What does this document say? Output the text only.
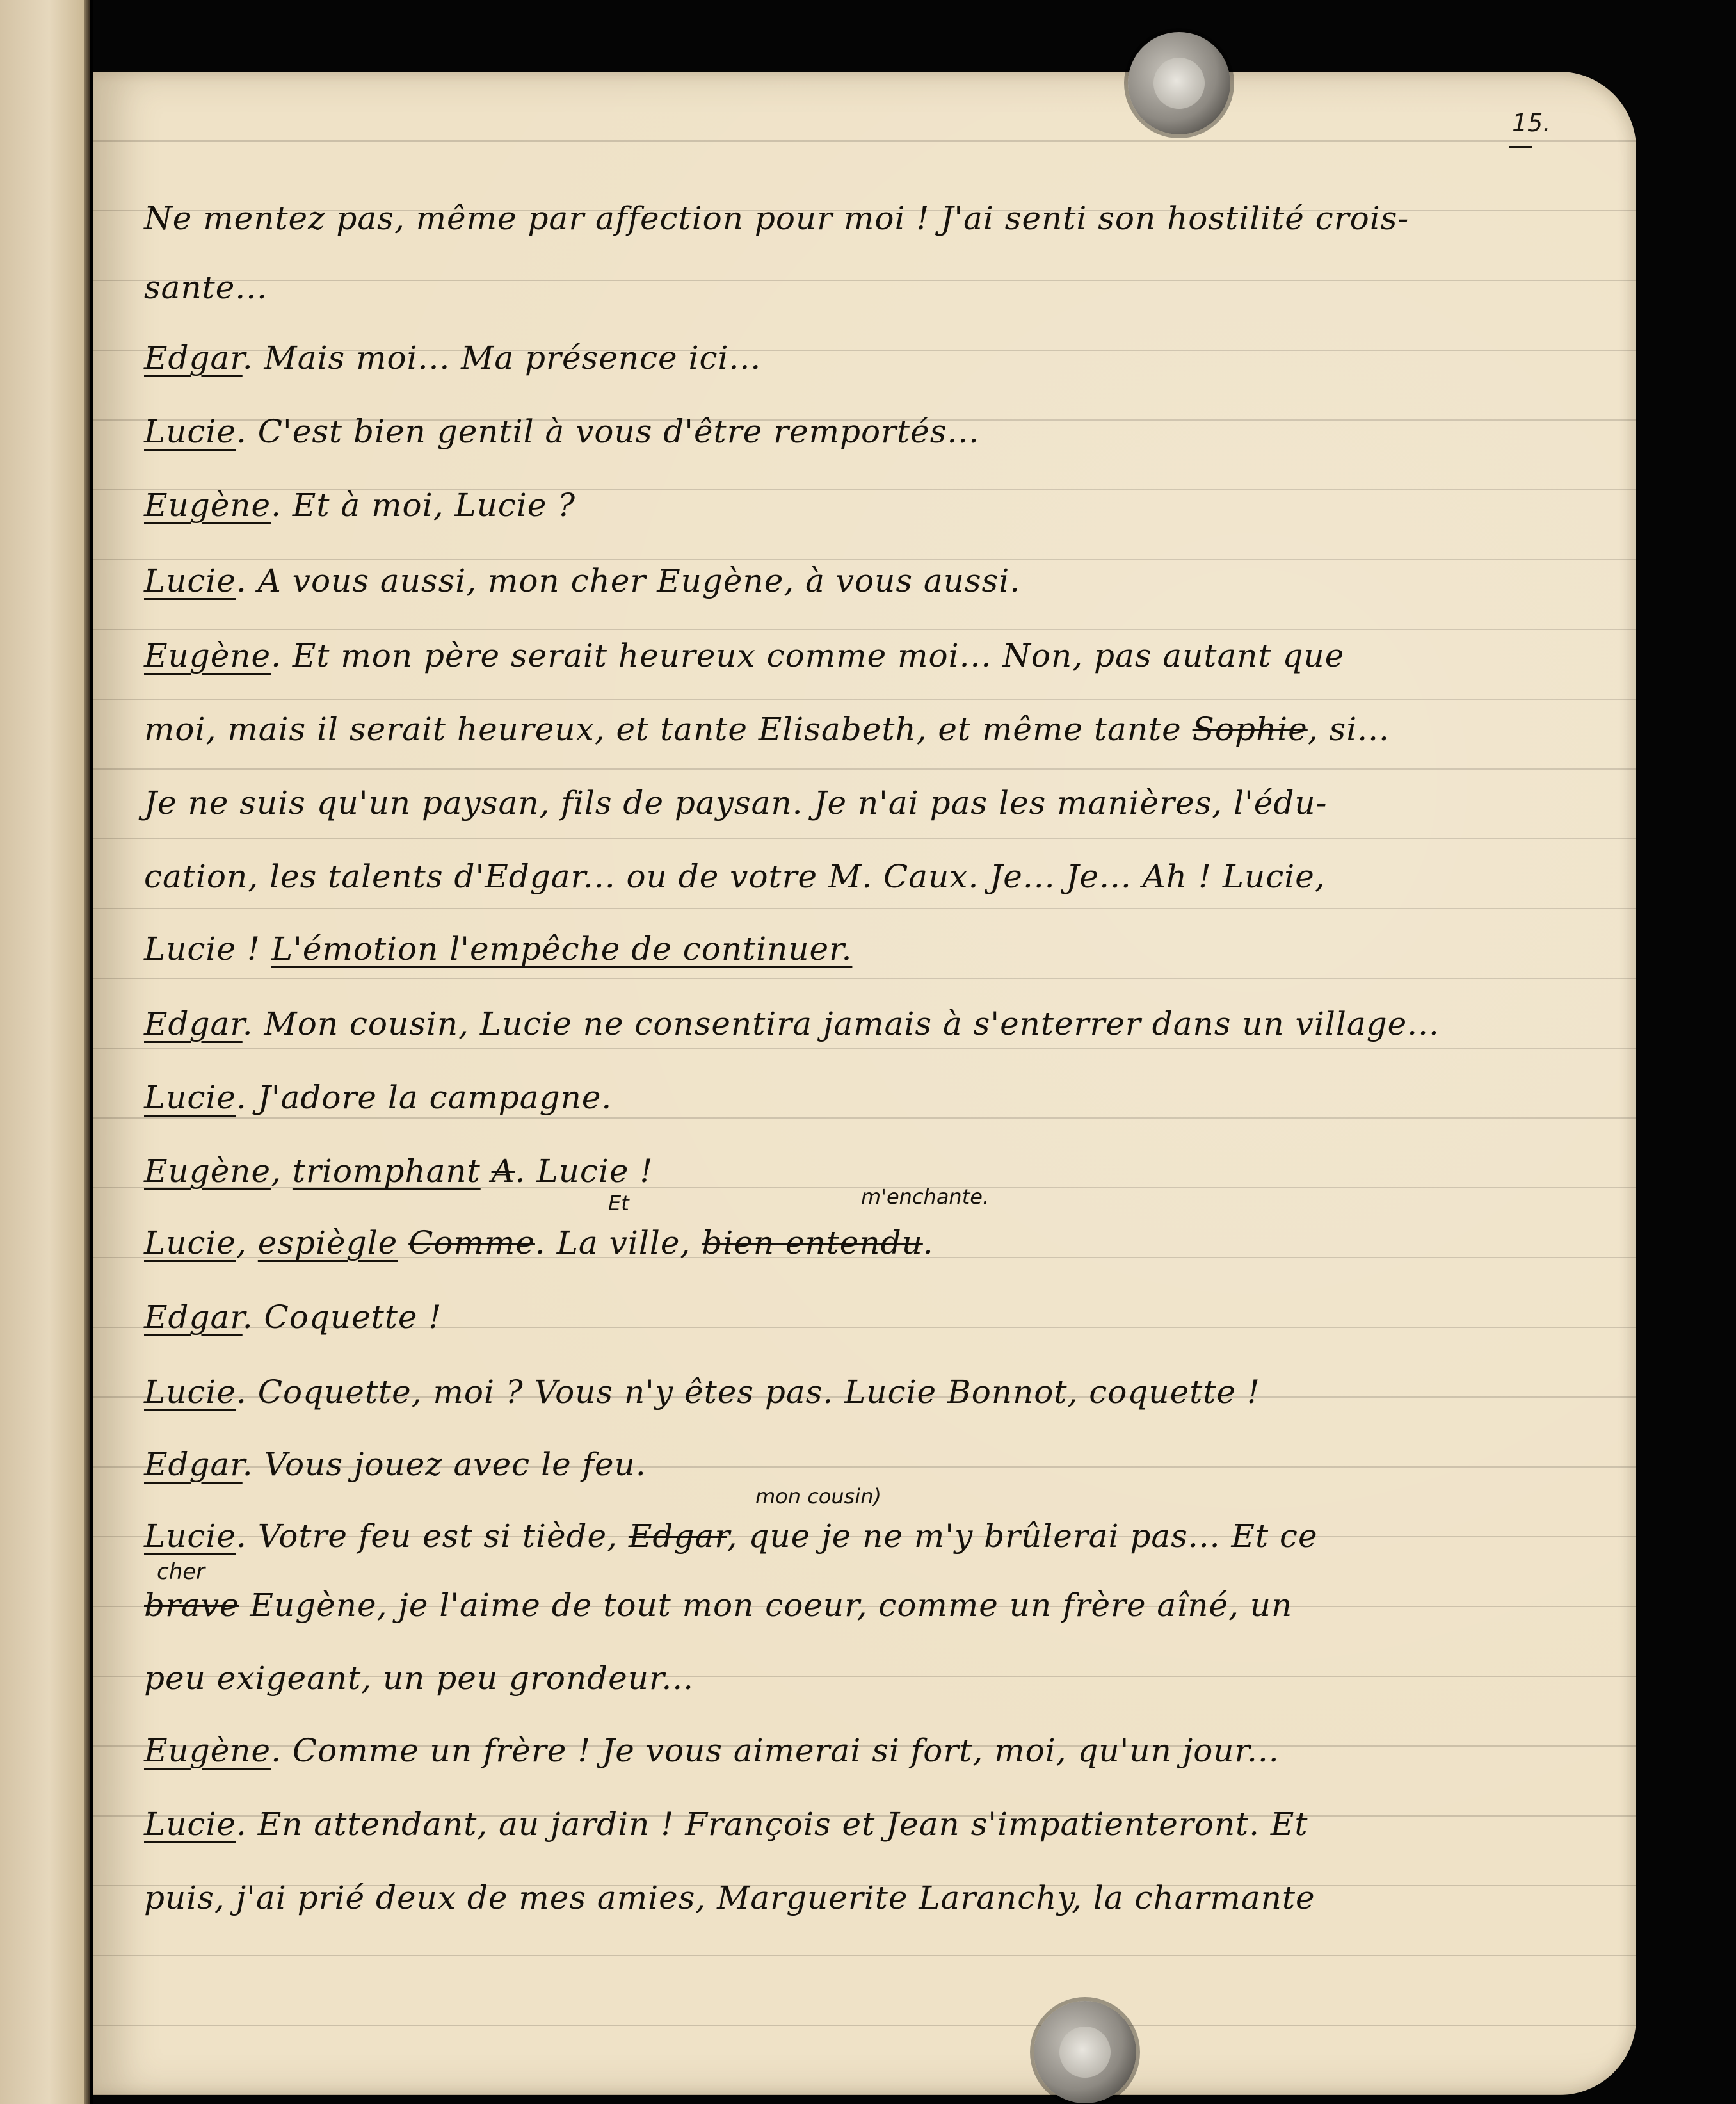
15.
Ne mentez pas, même par affection pour moi ! J'ai senti son hostilité crois-
sante...
Edgar. Mais moi... Ma présence ici...
Lucie. C'est bien gentil à vous d'être remportés...
Eugène. Et à moi, Lucie ?
Lucie. A vous aussi, mon cher Eugène, à vous aussi.
Eugène. Et mon père serait heureux comme moi... Non, pas autant que
moi, mais il serait heureux, et tante Elisabeth, et même tante Sophie, si...
Je ne suis qu'un paysan, fils de paysan. Je n'ai pas les manières, l'édu-
cation, les talents d'Edgar... ou de votre M. Caux. Je... Je... Ah ! Lucie,
Lucie ! L'émotion l'empêche de continuer.
Edgar. Mon cousin, Lucie ne consentira jamais à s'enterrer dans un village...
Lucie. J'adore la campagne.
Eugène, triomphant A. Lucie !
Et	m'enchante.
Lucie, espiègle Comme. La ville, bien entendu.
Edgar. Coquette !
Lucie. Coquette, moi ? Vous n'y êtes pas. Lucie Bonnot, coquette !
Edgar. Vous jouez avec le feu.
mon cousin)
Lucie. Votre feu est si tiède, Edgar, que je ne m'y brûlerai pas... Et ce
cher
brave Eugène, je l'aime de tout mon coeur, comme un frère aîné, un
peu exigeant, un peu grondeur...
Eugène. Comme un frère ! Je vous aimerai si fort, moi, qu'un jour...
Lucie. En attendant, au jardin ! François et Jean s'impatienteront. Et
puis, j'ai prié deux de mes amies, Marguerite Laranchy, la charmante
